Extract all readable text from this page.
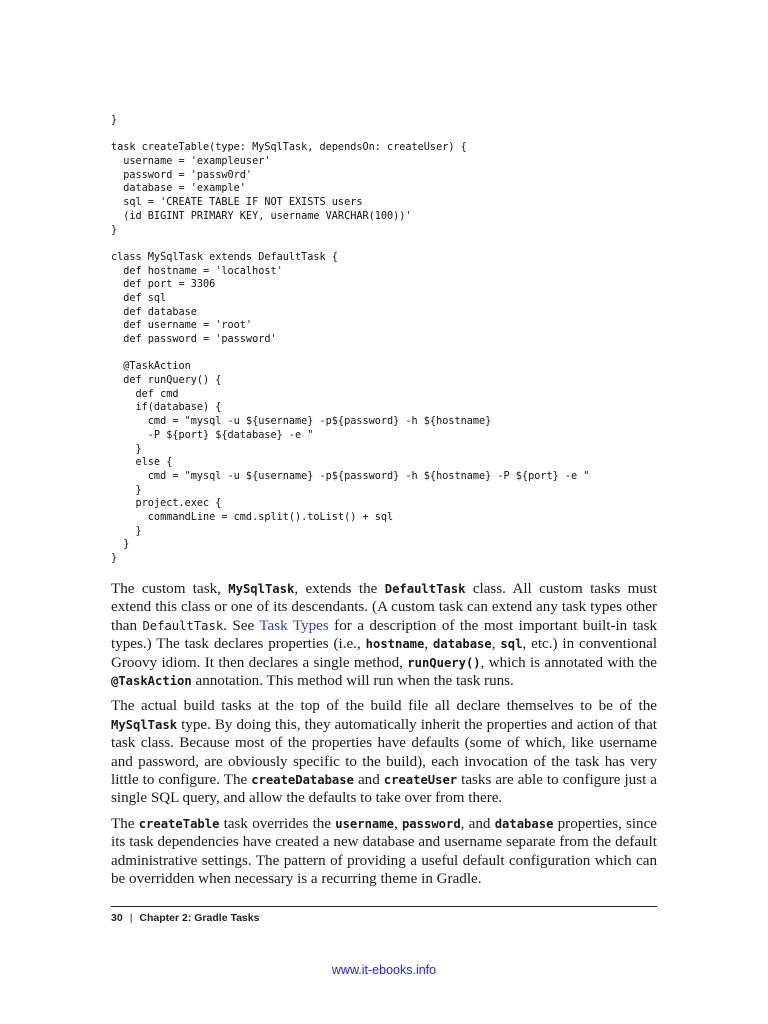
}
task createTable(type: MySqlTask, dependsOn: createUser) {
username = 'exampleuser'
password = 'passw0rd'
database = 'example'
sql = 'CREATE TABLE IF NOT EXISTS users
(id BIGINT PRIMARY KEY, username VARCHAR(100))'
}
class MySqlTask extends DefaultTask {
def hostname = 'localhost'
def port = 3306
def sql
def database
def username = 'root'
def password = 'password'
@TaskAction
def runQuery() {
def cmd
if(database) {
cmd = "mysql -u ${username} -p${password} -h ${hostname}
-P ${port} ${database} -e "
}
else {
cmd = "mysql -u ${username} -p${password} -h ${hostname} -P ${port} -e "
}
project.exec {
commandLine = cmd.split().toList() + sql
}
}
}

The custom task, MySqlTask, extends the DefaultTask class. All custom tasks must extend this class or one of its descendants. (A custom task can extend any task types other than DefaultTask. See Task Types for a description of the most important built-in task types.) The task declares properties (i.e., hostname, database, sql, etc.) in conventional Groovy idiom. It then declares a single method, runQuery(), which is annotated with the @TaskAction annotation. This method will run when the task runs.

The actual build tasks at the top of the build file all declare themselves to be of the MySqlTask type. By doing this, they automatically inherit the properties and action of that task class. Because most of the properties have defaults (some of which, like username and password, are obviously specific to the build), each invocation of the task has very little to configure. The createDatabase and createUser tasks are able to configure just a single SQL query, and allow the defaults to take over from there.

The createTable task overrides the username, password, and database properties, since its task dependencies have created a new database and username separate from the default administrative settings. The pattern of providing a useful default configuration which can be overridden when necessary is a recurring theme in Gradle.

30 | Chapter 2: Gradle Tasks
www.it-ebooks.info
